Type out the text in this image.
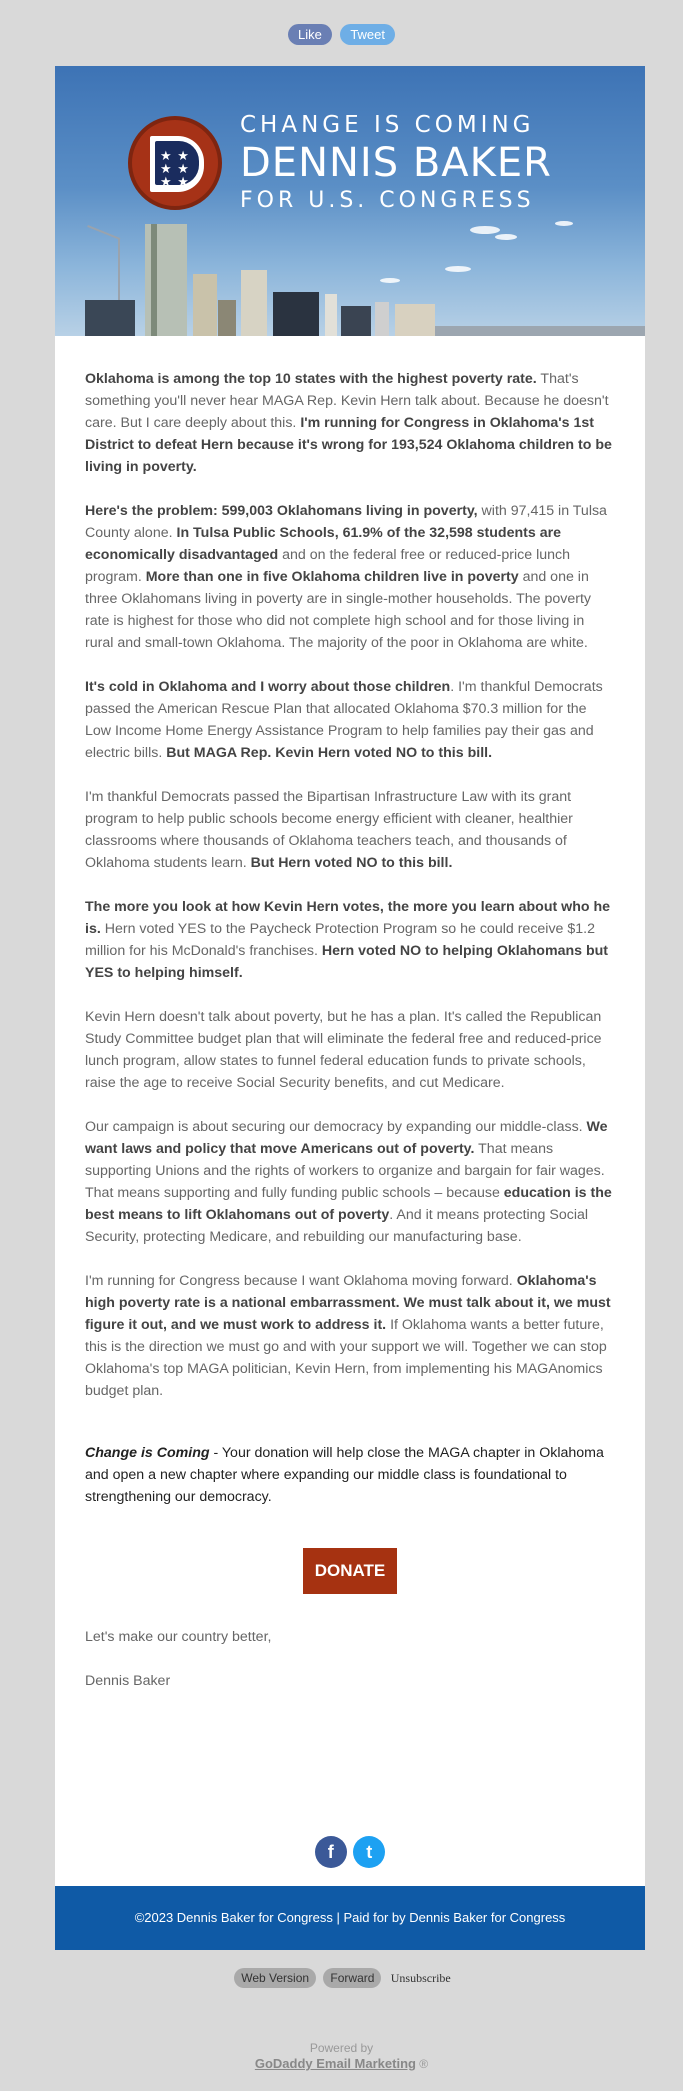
Like Tweet
★ ★ ★ ★ ★ ★
CHANGE IS COMING
DENNIS BAKER
FOR U.S. CONGRESS

Oklahoma is among the top 10 states with the highest poverty rate. That's something you'll never hear MAGA Rep. Kevin Hern talk about. Because he doesn't care. But I care deeply about this. I'm running for Congress in Oklahoma's 1st District to defeat Hern because it's wrong for 193,524 Oklahoma children to be living in poverty.

Here's the problem: 599,003 Oklahomans living in poverty, with 97,415 in Tulsa County alone. In Tulsa Public Schools, 61.9% of the 32,598 students are economically disadvantaged and on the federal free or reduced-price lunch program. More than one in five Oklahoma children live in poverty and one in three Oklahomans living in poverty are in single-mother households. The poverty rate is highest for those who did not complete high school and for those living in rural and small-town Oklahoma. The majority of the poor in Oklahoma are white.

It's cold in Oklahoma and I worry about those children. I'm thankful Democrats passed the American Rescue Plan that allocated Oklahoma $70.3 million for the Low Income Home Energy Assistance Program to help families pay their gas and electric bills. But MAGA Rep. Kevin Hern voted NO to this bill.

I'm thankful Democrats passed the Bipartisan Infrastructure Law with its grant program to help public schools become energy efficient with cleaner, healthier classrooms where thousands of Oklahoma teachers teach, and thousands of Oklahoma students learn. But Hern voted NO to this bill.

The more you look at how Kevin Hern votes, the more you learn about who he is. Hern voted YES to the Paycheck Protection Program so he could receive $1.2 million for his McDonald's franchises. Hern voted NO to helping Oklahomans but YES to helping himself.

Kevin Hern doesn't talk about poverty, but he has a plan. It's called the Republican Study Committee budget plan that will eliminate the federal free and reduced-price lunch program, allow states to funnel federal education funds to private schools, raise the age to receive Social Security benefits, and cut Medicare.

Our campaign is about securing our democracy by expanding our middle-class. We want laws and policy that move Americans out of poverty. That means supporting Unions and the rights of workers to organize and bargain for fair wages. That means supporting and fully funding public schools – because education is the best means to lift Oklahomans out of poverty. And it means protecting Social Security, protecting Medicare, and rebuilding our manufacturing base.

I'm running for Congress because I want Oklahoma moving forward. Oklahoma's high poverty rate is a national embarrassment. We must talk about it, we must figure it out, and we must work to address it. If Oklahoma wants a better future, this is the direction we must go and with your support we will. Together we can stop Oklahoma's top MAGA politician, Kevin Hern, from implementing his MAGAnomics budget plan.

Change is Coming - Your donation will help close the MAGA chapter in Oklahoma and open a new chapter where expanding our middle class is foundational to strengthening our democracy.
DONATE

Let's make our country better,

Dennis Baker

f t
©2023 Dennis Baker for Congress | Paid for by Dennis Baker for Congress
Web Version Forward Unsubscribe
Powered by
GoDaddy Email Marketing ®
